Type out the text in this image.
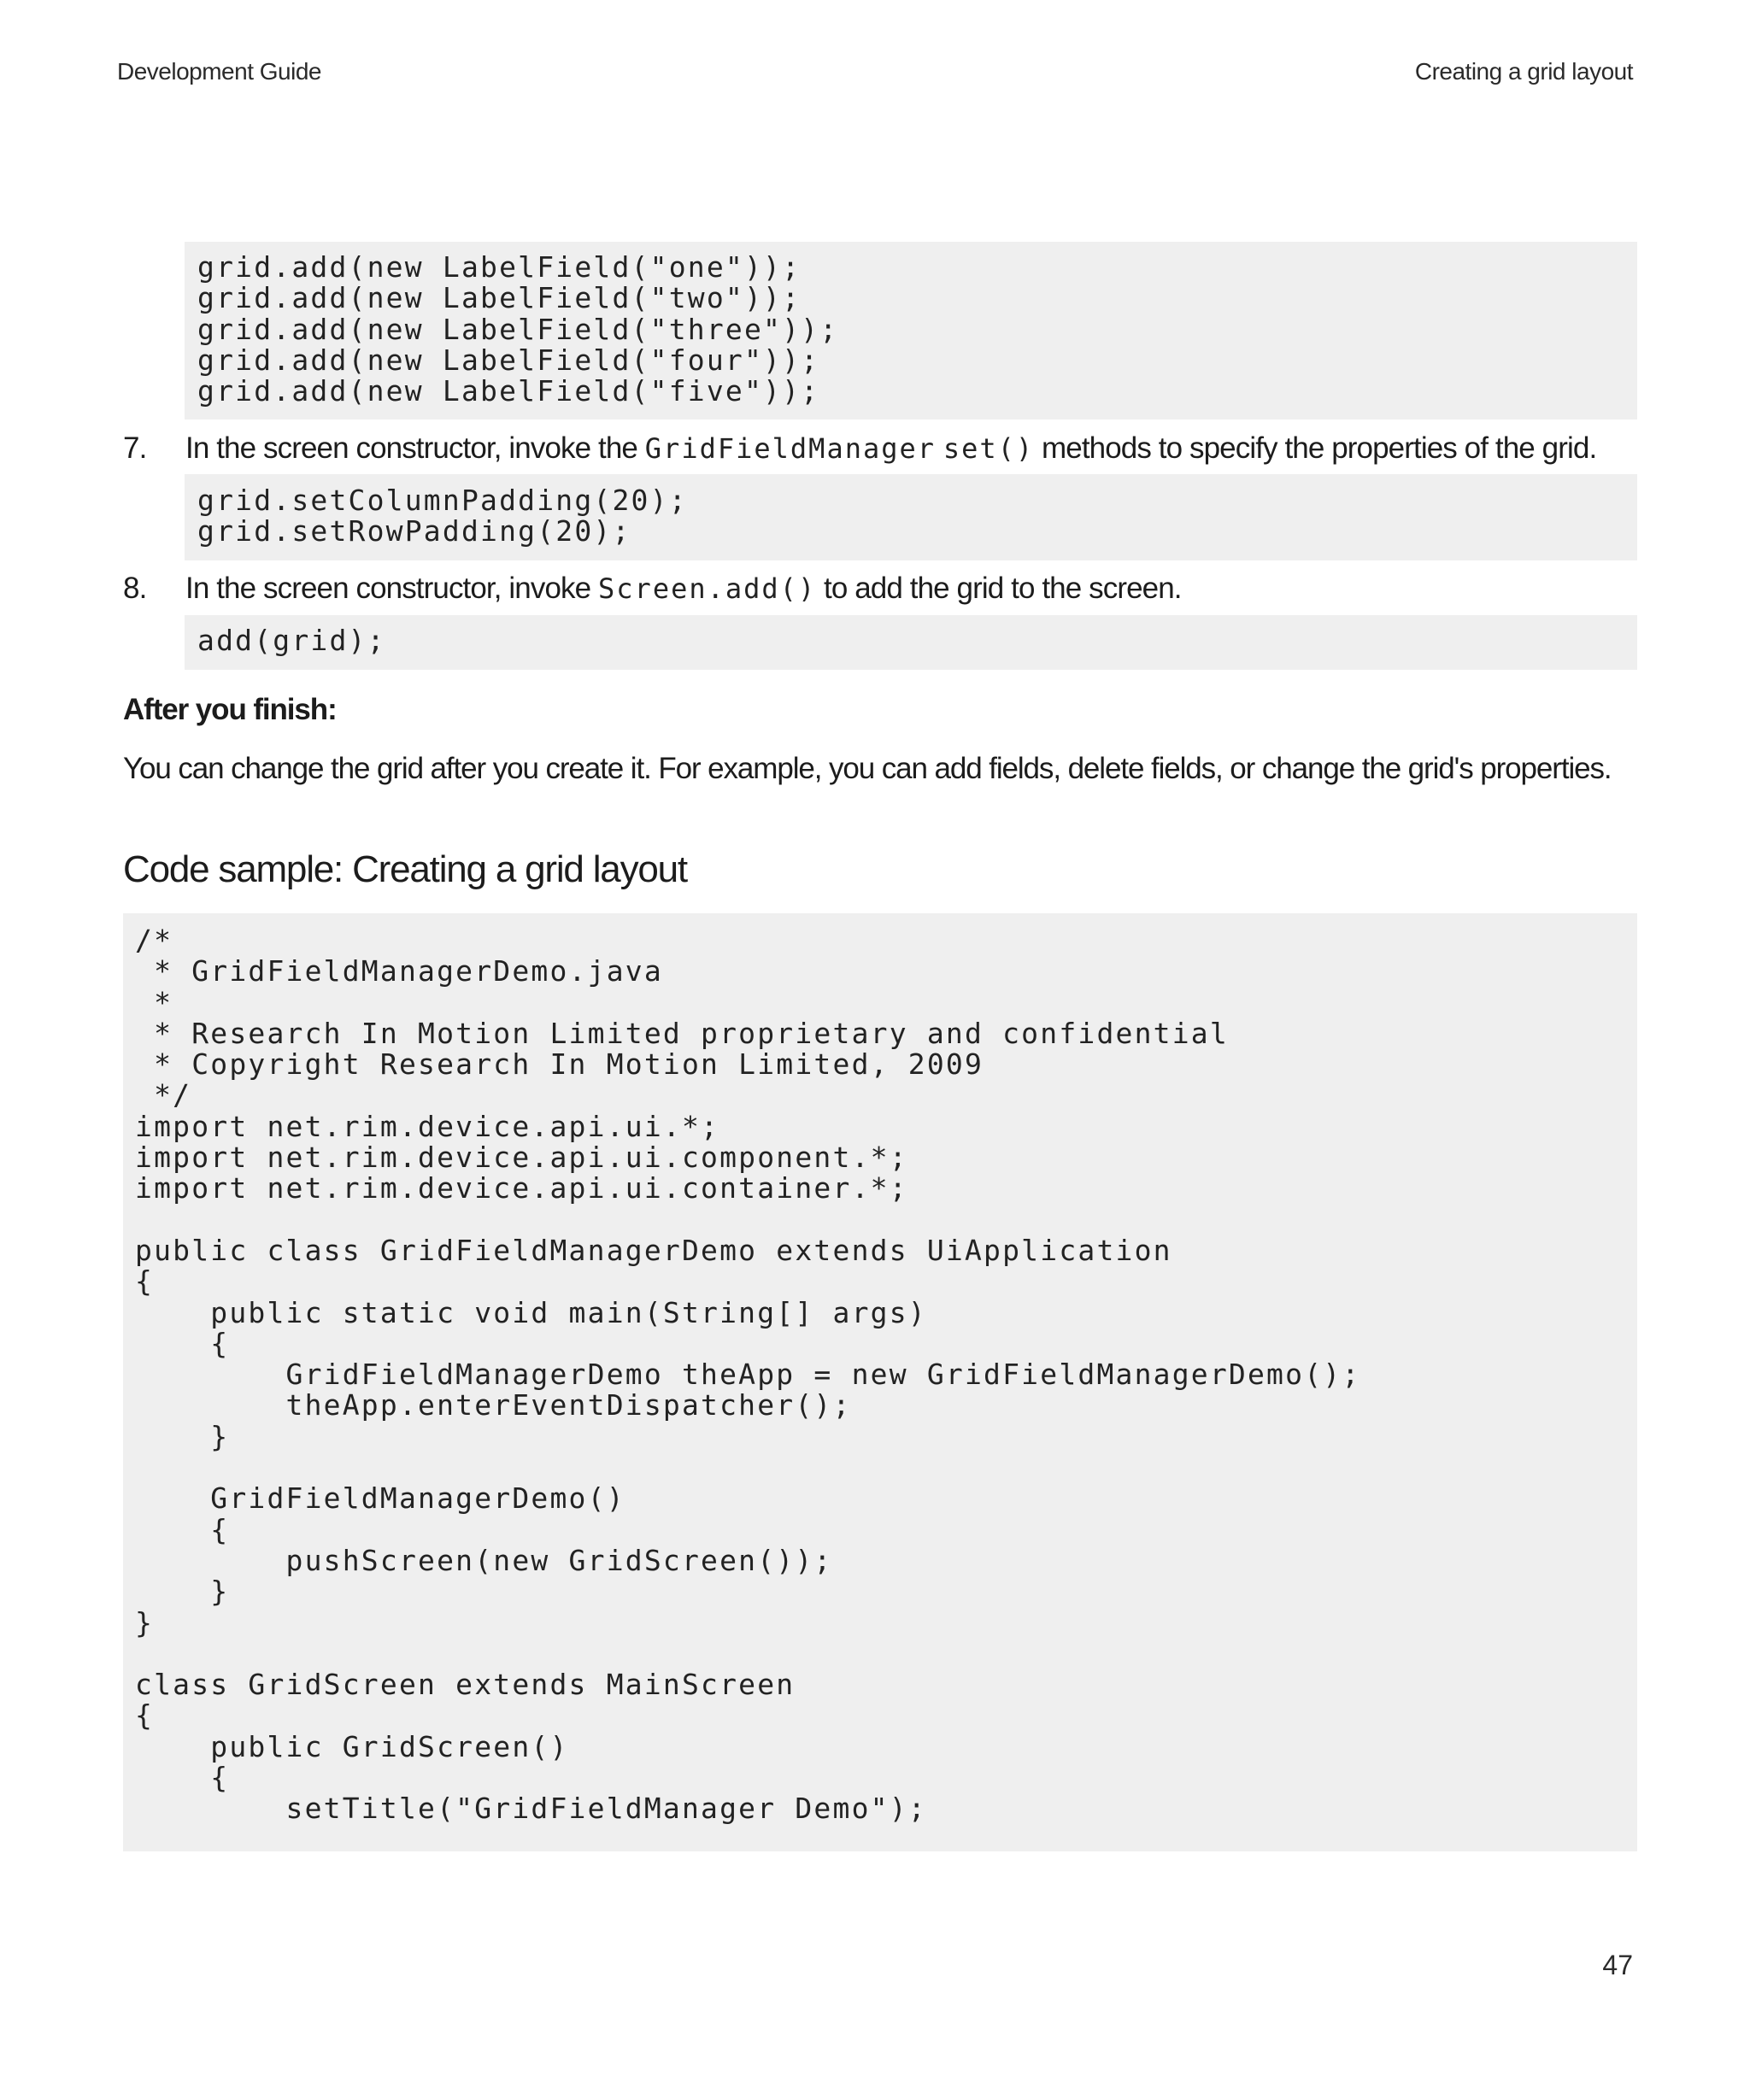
Development Guide	Creating a grid layout
grid.add(new LabelField("one"));
grid.add(new LabelField("two"));
grid.add(new LabelField("three"));
grid.add(new LabelField("four"));
grid.add(new LabelField("five"));
7. In the screen constructor, invoke the GridFieldManager set() methods to specify the properties of the grid.
grid.setColumnPadding(20);
grid.setRowPadding(20);
8. In the screen constructor, invoke Screen.add() to add the grid to the screen.
add(grid);
After you finish:
You can change the grid after you create it. For example, you can add fields, delete fields, or change the grid's properties.
Code sample: Creating a grid layout
/*
* GridFieldManagerDemo.java
*
* Research In Motion Limited proprietary and confidential
* Copyright Research In Motion Limited, 2009
*/
import net.rim.device.api.ui.*;
import net.rim.device.api.ui.component.*;
import net.rim.device.api.ui.container.*;
public class GridFieldManagerDemo extends UiApplication
{
public static void main(String[] args)
{
GridFieldManagerDemo theApp = new GridFieldManagerDemo();
theApp.enterEventDispatcher();
}
GridFieldManagerDemo()
{
pushScreen(new GridScreen());
}
}
class GridScreen extends MainScreen
{
public GridScreen()
{
setTitle("GridFieldManager Demo");
47
